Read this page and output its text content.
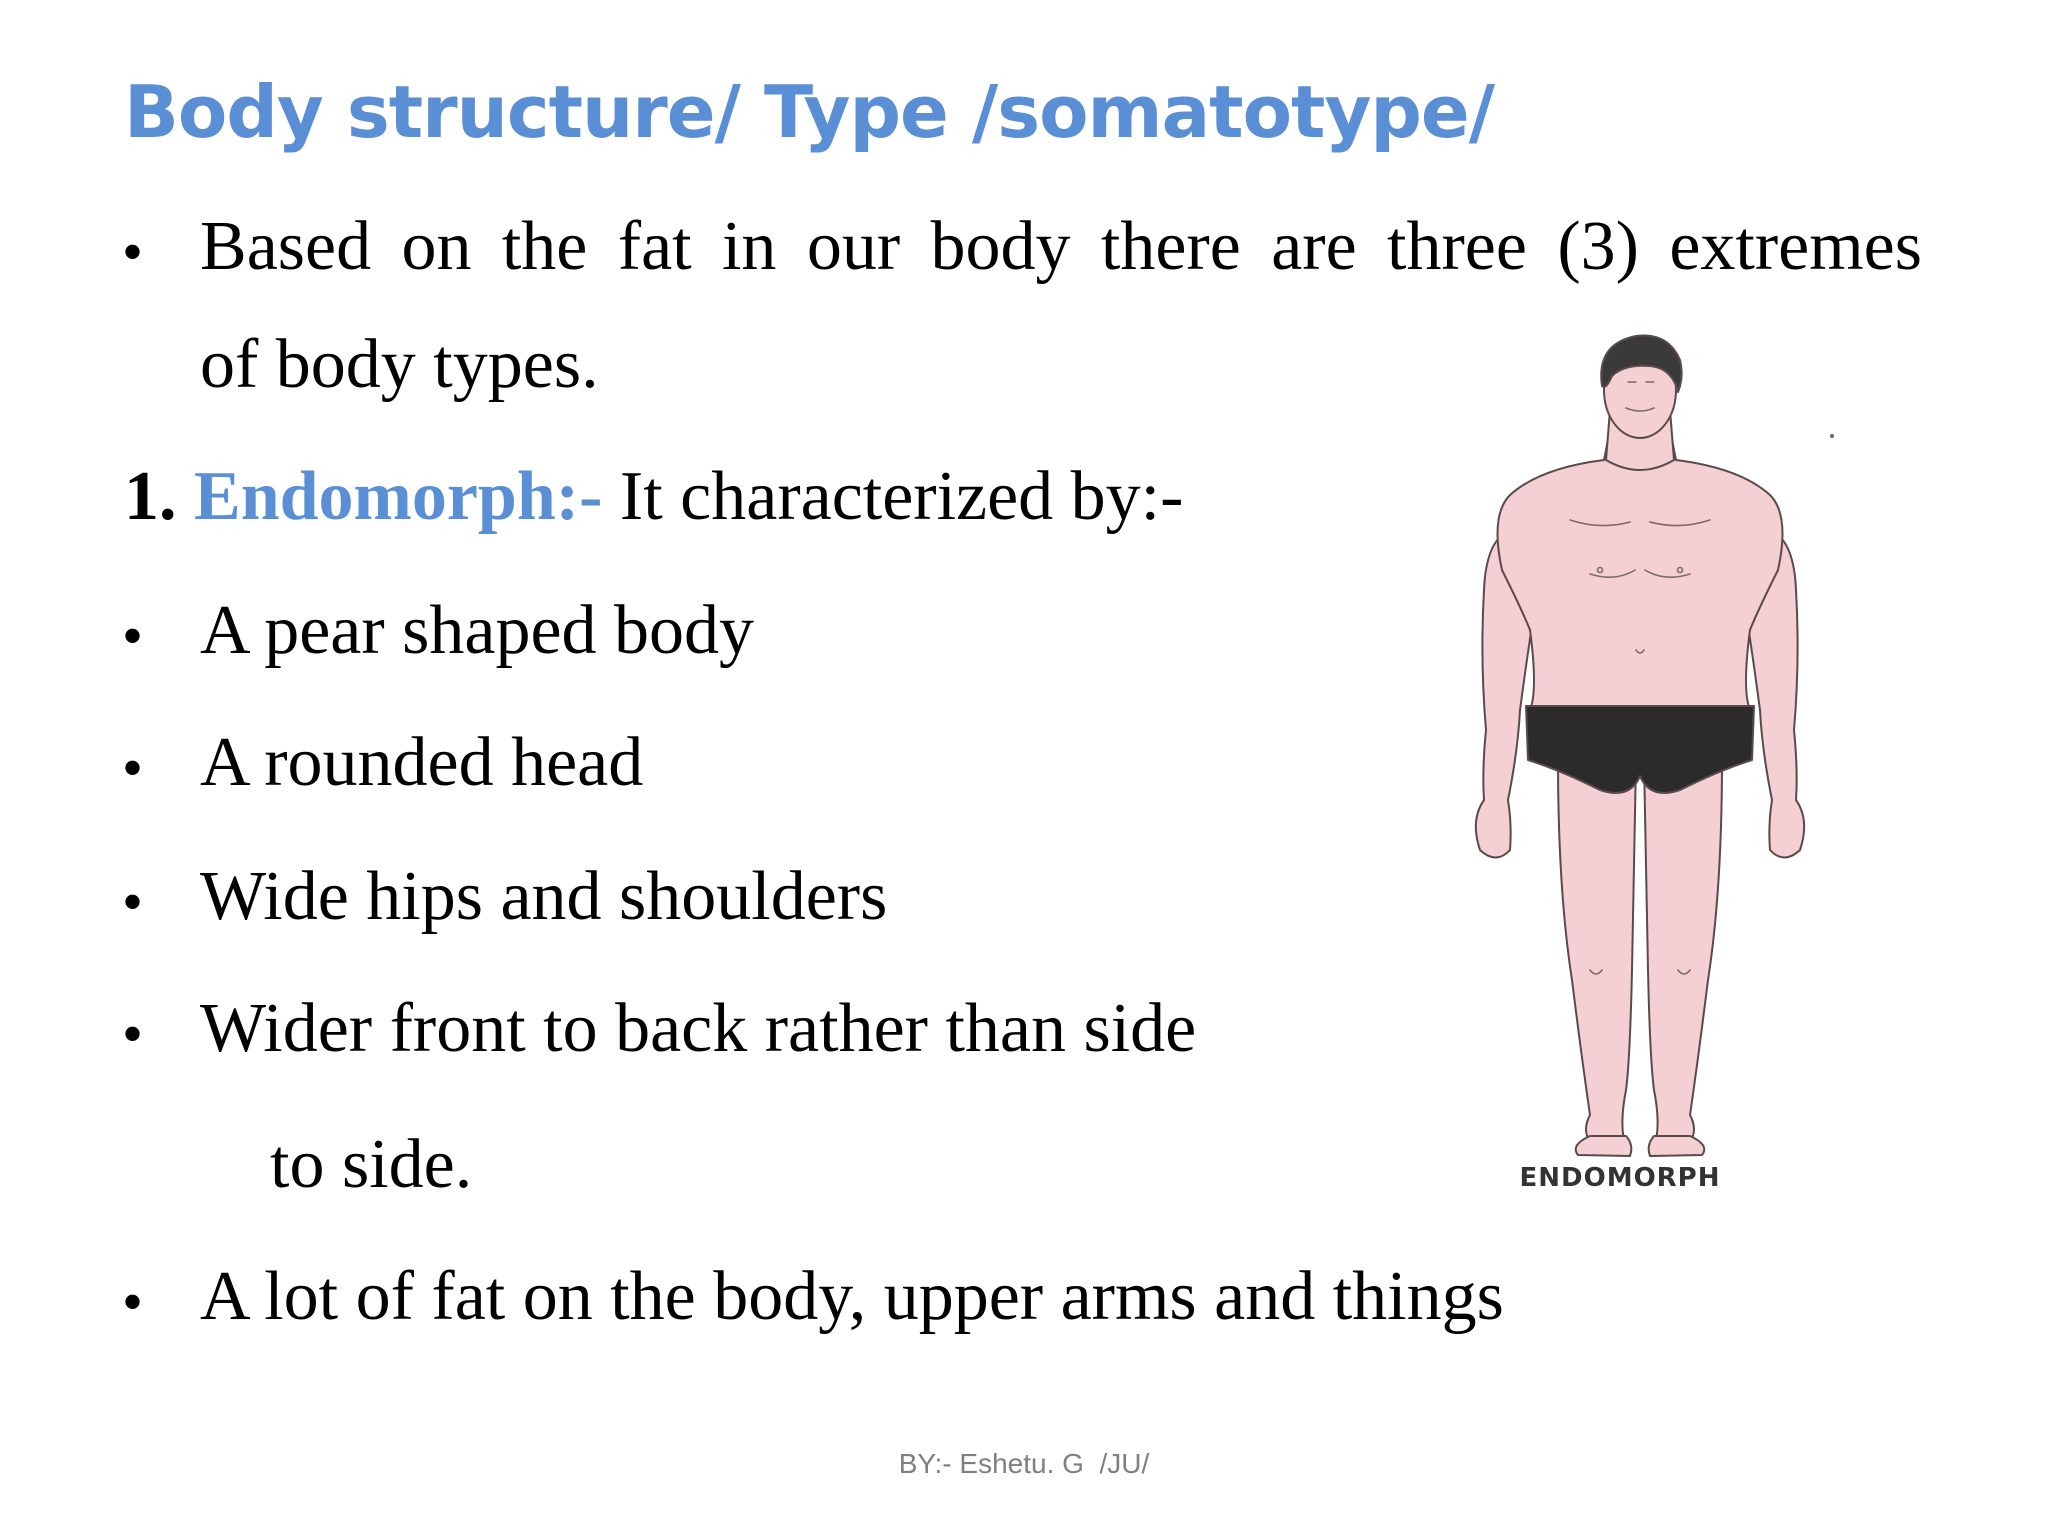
Body structure/ Type /somatotype/
• Based on the fat in our body there are three (3) extremes
of body types.
1. Endomorph:- It characterized by:-
• A pear shaped body
• A rounded head
• Wide hips and shoulders
• Wider front to back rather than side
to side.
• A lot of fat on the body, upper arms and things
ENDOMORPH
BY:- Eshetu. G  /JU/
